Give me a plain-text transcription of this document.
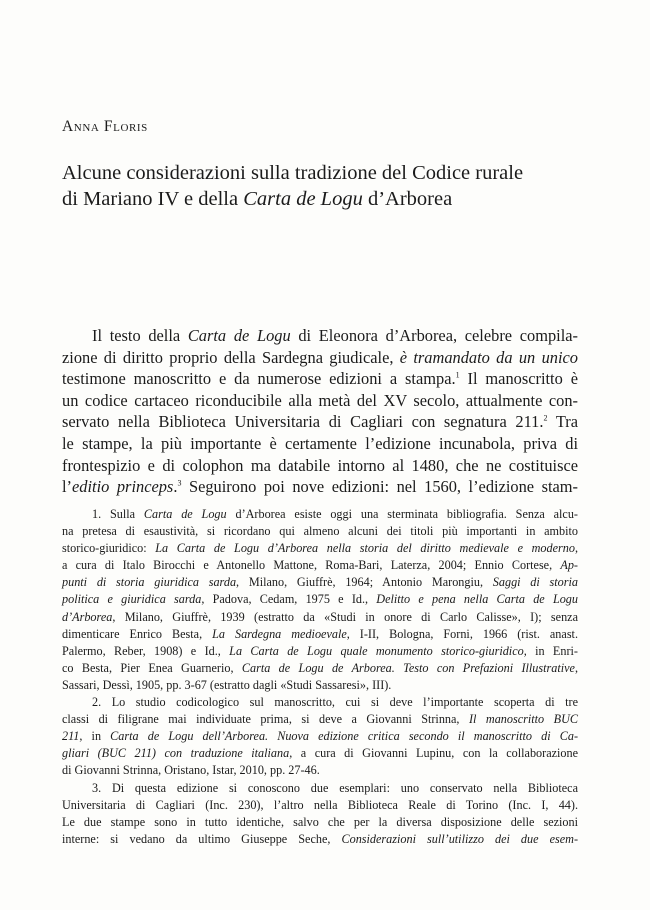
Anna Floris
Alcune considerazioni sulla tradizione del Codice rurale
di Mariano IV e della Carta de Logu d’Arborea
Il testo della Carta de Logu di Eleonora d’Arborea, celebre compila-
zione di diritto proprio della Sardegna giudicale, è tramandato da un unico
testimone manoscritto e da numerose edizioni a stampa.$^1$ Il manoscritto è
un codice cartaceo riconducibile alla metà del XV secolo, attualmente con-
servato nella Biblioteca Universitaria di Cagliari con segnatura 211.$^2$ Tra
le stampe, la più importante è certamente l’edizione incunabola, priva di
frontespizio e di colophon ma databile intorno al 1480, che ne costituisce
l’editio princeps.$^3$ Seguirono poi nove edizioni: nel 1560, l’edizione stam-
1. Sulla Carta de Logu d’Arborea esiste oggi una sterminata bibliografia. Senza alcu-
na pretesa di esaustività, si ricordano qui almeno alcuni dei titoli più importanti in ambito
storico-giuridico: La Carta de Logu d’Arborea nella storia del diritto medievale e moderno,
a cura di Italo Birocchi e Antonello Mattone, Roma-Bari, Laterza, 2004; Ennio Cortese, Ap-
punti di storia giuridica sarda, Milano, Giuffrè, 1964; Antonio Marongiu, Saggi di storia
politica e giuridica sarda, Padova, Cedam, 1975 e Id., Delitto e pena nella Carta de Logu
d’Arborea, Milano, Giuffrè, 1939 (estratto da «Studi in onore di Carlo Calisse», I); senza
dimenticare Enrico Besta, La Sardegna medioevale, I-II, Bologna, Forni, 1966 (rist. anast.
Palermo, Reber, 1908) e Id., La Carta de Logu quale monumento storico-giuridico, in Enri-
co Besta, Pier Enea Guarnerio, Carta de Logu de Arborea. Testo con Prefazioni Illustrative,
Sassari, Dessì, 1905, pp. 3-67 (estratto dagli «Studi Sassaresi», III).
2. Lo studio codicologico sul manoscritto, cui si deve l’importante scoperta di tre
classi di filigrane mai individuate prima, si deve a Giovanni Strinna, Il manoscritto BUC
211, in Carta de Logu dell’Arborea. Nuova edizione critica secondo il manoscritto di Ca-
gliari (BUC 211) con traduzione italiana, a cura di Giovanni Lupinu, con la collaborazione
di Giovanni Strinna, Oristano, Istar, 2010, pp. 27-46.
3. Di questa edizione si conoscono due esemplari: uno conservato nella Biblioteca
Universitaria di Cagliari (Inc. 230), l’altro nella Biblioteca Reale di Torino (Inc. I, 44).
Le due stampe sono in tutto identiche, salvo che per la diversa disposizione delle sezioni
interne: si vedano da ultimo Giuseppe Seche, Considerazioni sull’utilizzo dei due esem-
